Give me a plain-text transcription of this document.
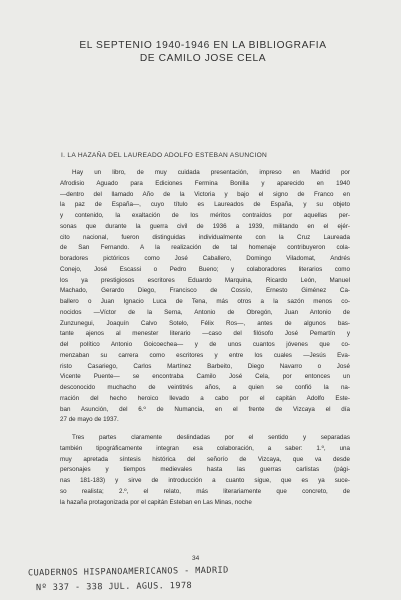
EL SEPTENIO 1940-1946 EN LA BIBLIOGRAFIA
DE CAMILO JOSE CELA
I. LA HAZAÑA DEL LAUREADO ADOLFO ESTEBAN ASUNCION
Hay un libro, de muy cuidada presentación, impreso en Madrid por
Afrodisio Aguado para Ediciones Fermina Bonilla y aparecido en 1940
—dentro del llamado Año de la Victoria y bajo el signo de Franco en
la paz de España—, cuyo título es Laureados de España, y su objeto
y contenido, la exaltación de los méritos contraídos por aquellas per-
sonas que durante la guerra civil de 1936 a 1939, militando en el ejér-
cito nacional, fueron distinguidas individualmente con la Cruz Laureada
de San Fernando. A la realización de tal homenaje contribuyeron cola-
boradores pictóricos como José Caballero, Domingo Viladomat, Andrés
Conejo, José Escassi o Pedro Bueno; y colaboradores literarios como
los ya prestigiosos escritores Eduardo Marquina, Ricardo León, Manuel
Machado, Gerardo Diego, Francisco de Cossío, Ernesto Giménez Ca-
ballero o Juan Ignacio Luca de Tena, más otros a la sazón menos co-
nocidos —Víctor de la Serna, Antonio de Obregón, Juan Antonio de
Zunzunegui, Joaquín Calvo Sotelo, Félix Ros—, antes de algunos bas-
tante ajenos al menester literario —caso del filósofo José Pemartín y
del político Antonio Goicoechea— y de unos cuantos jóvenes que co-
menzaban su carrera como escritores y entre los cuales —Jesús Eva-
risto Casariego, Carlos Martínez Barbeito, Diego Navarro o José
Vicente Puente— se encontraba Camilo José Cela, por entonces un
desconocido muchacho de veintitrés años, a quien se confió la na-
rración del hecho heroico llevado a cabo por el capitán Adolfo Este-
ban Asunción, del 6.º de Numancia, en el frente de Vizcaya el día
27 de mayo de 1937.
Tres partes claramente deslindadas por el sentido y separadas
también tipográficamente integran esa colaboración, a saber: 1.º, una
muy apretada síntesis histórica del señorío de Vizcaya, que va desde
personajes y tiempos medievales hasta las guerras carlistas (pági-
nas 181-183) y sirve de introducción a cuanto sigue, que es ya suce-
so realista; 2.º, el relato, más literariamente que concreto, de
la hazaña protagonizada por el capitán Esteban en Las Minas, noche
34
CUADERNOS HISPANOAMERICANOS - MADRID
Nº 337 - 338 JUL. AGUS. 1978
